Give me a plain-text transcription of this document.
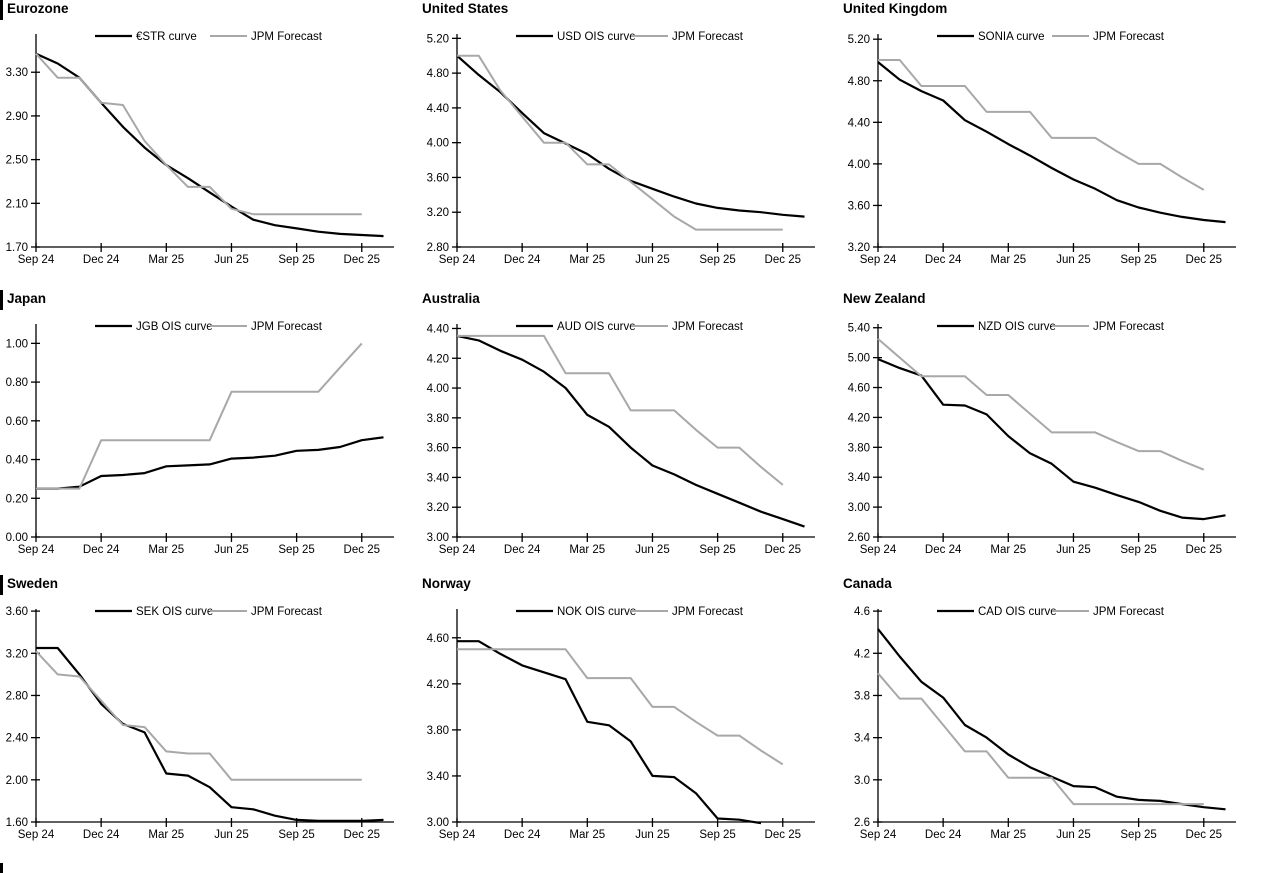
Eurozone
3.30
2.90
2.50
2.10
1.70
Sep 24 Dec 24	Mar 25	Jun 25	Sep 25 Dec 25
€STR curve	JPM Forecast
United States
5.20
4.80
4.40
4.00
3.60
3.20
2.80
Sep 24 Dec 24	Mar 25	Jun 25	Sep 25 Dec 25
USD OIS curve	JPM Forecast
United Kingdom
5.20
4.80
4.40
4.00
3.60
3.20
Sep 24 Dec 24	Mar 25	Jun 25	Sep 25 Dec 25
SONIA curve	JPM Forecast
Japan
1.00
0.80
0.60
0.40
0.20
0.00
Sep 24 Dec 24	Mar 25	Jun 25	Sep 25 Dec 25
JGB OIS curve	JPM Forecast
Australia
4.40
4.20
4.00
3.80
3.60
3.40
3.20
3.00
Sep 24 Dec 24	Mar 25	Jun 25	Sep 25 Dec 25
AUD OIS curve	JPM Forecast
New Zealand
5.40
5.00
4.60
4.20
3.80
3.40
3.00
2.60
Sep 24 Dec 24	Mar 25	Jun 25	Sep 25 Dec 25
NZD OIS curve	JPM Forecast
Sweden
3.60
3.20
2.80
2.40
2.00
1.60
Sep 24 Dec 24	Mar 25	Jun 25	Sep 25 Dec 25
SEK OIS curve	JPM Forecast
Norway
4.60
4.20
3.80
3.40
3.00
Sep 24 Dec 24	Mar 25	Jun 25	Sep 25 Dec 25
NOK OIS curve	JPM Forecast
Canada
4.6
4.2
3.8
3.4
3.0
2.6
Sep 24 Dec 24	Mar 25	Jun 25	Sep 25 Dec 25
CAD OIS curve	JPM Forecast
